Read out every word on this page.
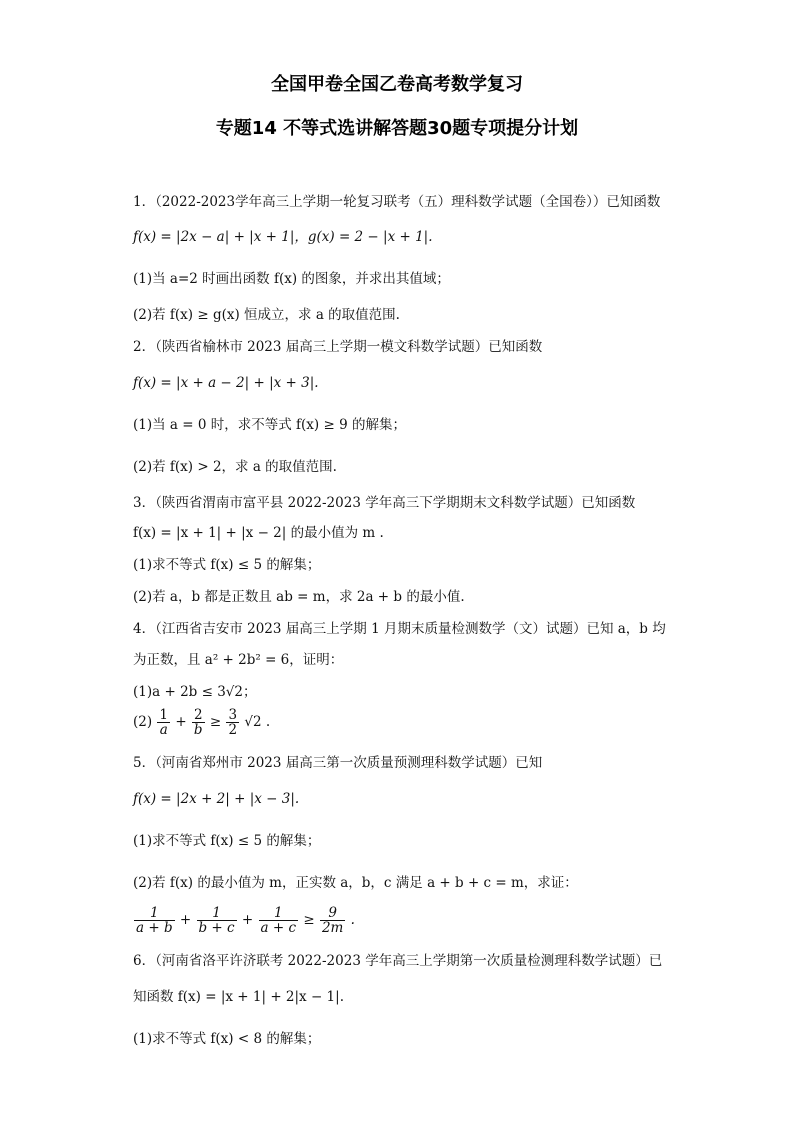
全国甲卷全国乙卷高考数学复习
专题14 不等式选讲解答题30题专项提分计划
1．（2022-2023学年高三上学期一轮复习联考（五）理科数学试题（全国卷））已知函数
f(x) = |2x − a| + |x + 1|，g(x) = 2 − |x + 1|.
(1)当 a=2 时画出函数 f(x) 的图象，并求出其值域；
(2)若 f(x) ≥ g(x) 恒成立，求 a 的取值范围.
2．（陕西省榆林市 2023 届高三上学期一模文科数学试题）已知函数
f(x) = |x + a − 2| + |x + 3|.
(1)当 a = 0 时，求不等式 f(x) ≥ 9 的解集；
(2)若 f(x) > 2，求 a 的取值范围.
3．（陕西省渭南市富平县 2022-2023 学年高三下学期期末文科数学试题）已知函数
f(x) = |x + 1| + |x − 2| 的最小值为 m .
(1)求不等式 f(x) ≤ 5 的解集；
(2)若 a，b 都是正数且 ab = m，求 2a + b 的最小值.
4．（江西省吉安市 2023 届高三上学期 1 月期末质量检测数学（文）试题）已知 a，b 均
为正数，且 a² + 2b² = 6，证明：
(1)a + 2b ≤ 3√2；
$(2) \frac{1}{a} + \frac{2}{b} \ge \frac{3}{2} √2$ .
5．（河南省郑州市 2023 届高三第一次质量预测理科数学试题）已知
f(x) = |2x + 2| + |x − 3|.
(1)求不等式 f(x) ≤ 5 的解集；
(2)若 f(x) 的最小值为 m，正实数 a，b，c 满足 a + b + c = m，求证：
$\frac{1}{a + b} + \frac{1}{b + c} + \frac{1}{a + c} \ge \frac{9}{2m}$ .
6．（河南省洛平许济联考 2022-2023 学年高三上学期第一次质量检测理科数学试题）已
知函数 f(x) = |x + 1| + 2|x − 1|.
(1)求不等式 f(x) < 8 的解集；
